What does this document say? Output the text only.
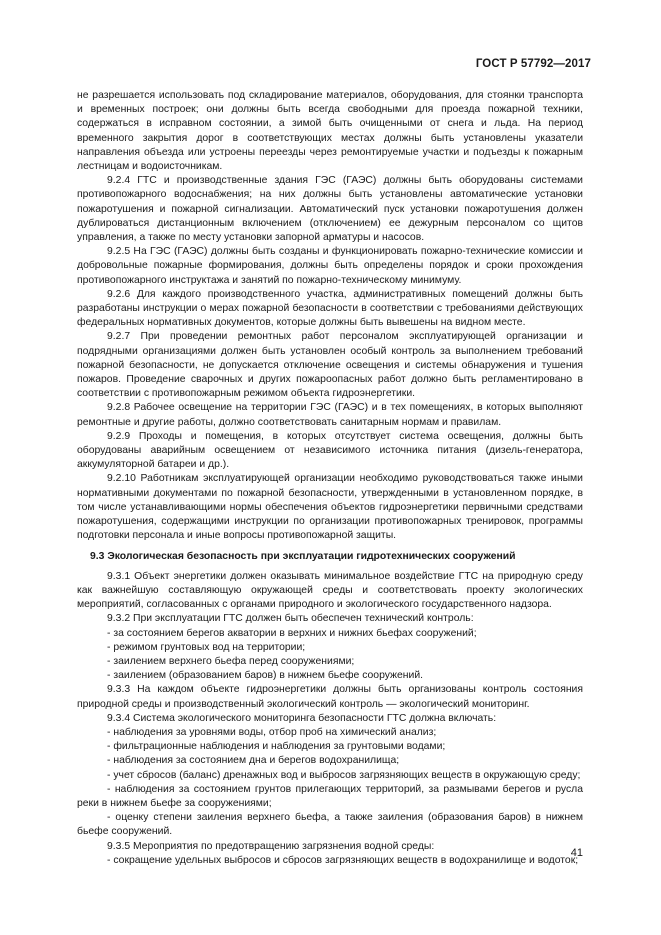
ГОСТ Р 57792—2017

не разрешается использовать под складирование материалов, оборудования, для стоянки транспорта и временных построек; они должны быть всегда свободными для проезда пожарной техники, содержаться в исправном состоянии, а зимой быть очищенными от снега и льда. На период временного закрытия дорог в соответствующих местах должны быть установлены указатели направления объезда или устроены переезды через ремонтируемые участки и подъезды к пожарным лестницам и водоисточникам.

9.2.4 ГТС и производственные здания ГЭС (ГАЭС) должны быть оборудованы системами противопожарного водоснабжения; на них должны быть установлены автоматические установки пожаротушения и пожарной сигнализации. Автоматический пуск установки пожаротушения должен дублироваться дистанционным включением (отключением) ее дежурным персоналом со щитов управления, а также по месту установки запорной арматуры и насосов.

9.2.5 На ГЭС (ГАЭС) должны быть созданы и функционировать пожарно-технические комиссии и добровольные пожарные формирования, должны быть определены порядок и сроки прохождения противопожарного инструктажа и занятий по пожарно-техническому минимуму.

9.2.6 Для каждого производственного участка, административных помещений должны быть разработаны инструкции о мерах пожарной безопасности в соответствии с требованиями действующих федеральных нормативных документов, которые должны быть вывешены на видном месте.

9.2.7 При проведении ремонтных работ персоналом эксплуатирующей организации и подрядными организациями должен быть установлен особый контроль за выполнением требований пожарной безопасности, не допускается отключение освещения и системы обнаружения и тушения пожаров. Проведение сварочных и других пожароопасных работ должно быть регламентировано в соответствии с противопожарным режимом объекта гидроэнергетики.

9.2.8 Рабочее освещение на территории ГЭС (ГАЭС) и в тех помещениях, в которых выполняют ремонтные и другие работы, должно соответствовать санитарным нормам и правилам.

9.2.9 Проходы и помещения, в которых отсутствует система освещения, должны быть оборудованы аварийным освещением от независимого источника питания (дизель-генератора, аккумуляторной батареи и др.).

9.2.10 Работникам эксплуатирующей организации необходимо руководствоваться также иными нормативными документами по пожарной безопасности, утвержденными в установленном порядке, в том числе устанавливающими нормы обеспечения объектов гидроэнергетики первичными средствами пожаротушения, содержащими инструкции по организации противопожарных тренировок, программы подготовки персонала и иные вопросы противопожарной защиты.

9.3 Экологическая безопасность при эксплуатации гидротехнических сооружений

9.3.1 Объект энергетики должен оказывать минимальное воздействие ГТС на природную среду как важнейшую составляющую окружающей среды и соответствовать проекту экологических мероприятий, согласованных с органами природного и экологического государственного надзора.

9.3.2 При эксплуатации ГТС должен быть обеспечен технический контроль:

- за состоянием берегов акватории в верхних и нижних бьефах сооружений;

- режимом грунтовых вод на территории;

- заилением верхнего бьефа перед сооружениями;

- заилением (образованием баров) в нижнем бьефе сооружений.

9.3.3 На каждом объекте гидроэнергетики должны быть организованы контроль состояния природной среды и производственный экологический контроль — экологический мониторинг.

9.3.4 Система экологического мониторинга безопасности ГТС должна включать:

- наблюдения за уровнями воды, отбор проб на химический анализ;

- фильтрационные наблюдения и наблюдения за грунтовыми водами;

- наблюдения за состоянием дна и берегов водохранилища;

- учет сбросов (баланс) дренажных вод и выбросов загрязняющих веществ в окружающую среду;

- наблюдения за состоянием грунтов прилегающих территорий, за размывами берегов и русла реки в нижнем бьефе за сооружениями;

- оценку степени заиления верхнего бьефа, а также заиления (образования баров) в нижнем бьефе сооружений.

9.3.5 Мероприятия по предотвращению загрязнения водной среды:

- сокращение удельных выбросов и сбросов загрязняющих веществ в водохранилище и водоток;

41
